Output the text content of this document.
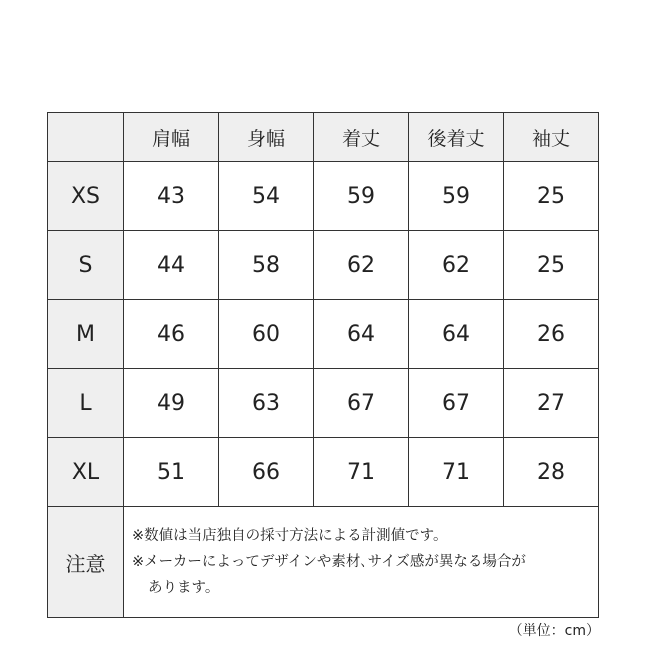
	肩幅	身幅	着丈	後着丈	袖丈
XS	43	54	59	59	25
S	44	58	62	62	25
M	46	60	64	64	26
L	49	63	67	67	27
XL	51	66	71	71	28
注意	※数値は当店独自の採寸方法による計測値です。
※メーカーによってデザインや素材､サイズ感が異なる場合が
あります。				
（単位：cm）
